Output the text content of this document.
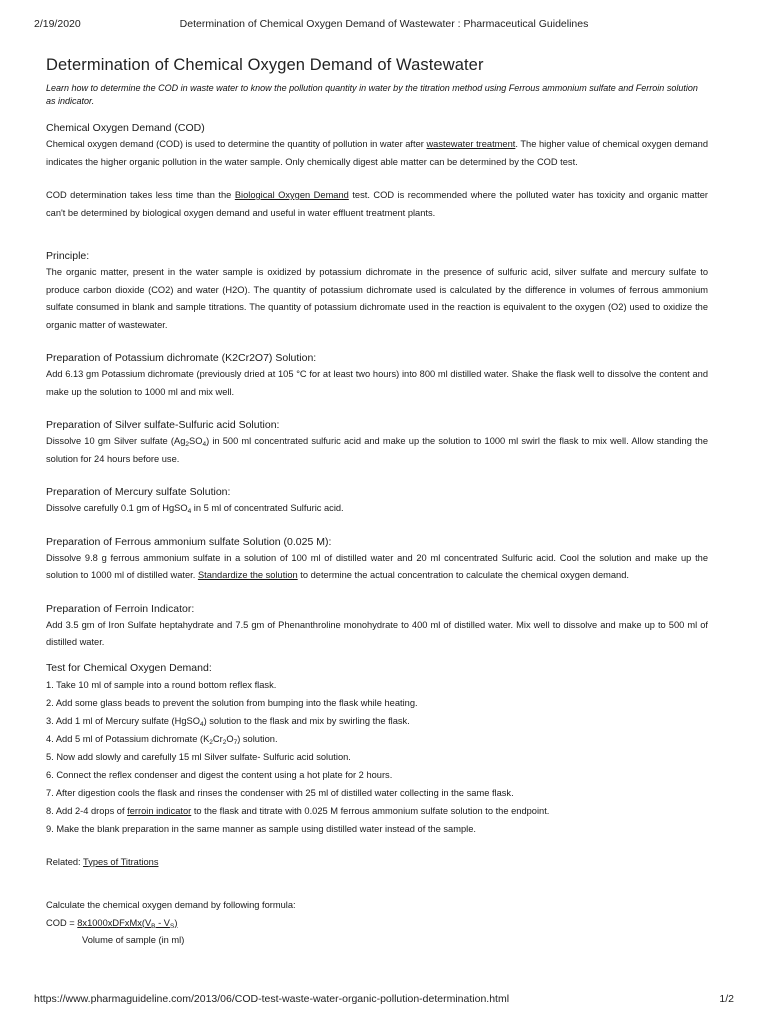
2/19/2020	Determination of Chemical Oxygen Demand of Wastewater : Pharmaceutical Guidelines
Determination of Chemical Oxygen Demand of Wastewater
Learn how to determine the COD in waste water to know the pollution quantity in water by the titration method using Ferrous ammonium sulfate and Ferroin solution as indicator.
Chemical Oxygen Demand (COD)

Chemical oxygen demand (COD) is used to determine the quantity of pollution in water after wastewater treatment. The higher value of chemical oxygen demand indicates the higher organic pollution in the water sample. Only chemically digest able matter can be determined by the COD test.

COD determination takes less time than the Biological Oxygen Demand test. COD is recommended where the polluted water has toxicity and organic matter can't be determined by biological oxygen demand and useful in water effluent treatment plants.

Principle:

The organic matter, present in the water sample is oxidized by potassium dichromate in the presence of sulfuric acid, silver sulfate and mercury sulfate to produce carbon dioxide (CO2) and water (H2O). The quantity of potassium dichromate used is calculated by the difference in volumes of ferrous ammonium sulfate consumed in blank and sample titrations. The quantity of potassium dichromate used in the reaction is equivalent to the oxygen (O2) used to oxidize the organic matter of wastewater.

Preparation of Potassium dichromate (K2Cr2O7) Solution:

Add 6.13 gm Potassium dichromate (previously dried at 105 °C for at least two hours) into 800 ml distilled water. Shake the flask well to dissolve the content and make up the solution to 1000 ml and mix well.

Preparation of Silver sulfate-Sulfuric acid Solution:

Dissolve 10 gm Silver sulfate $(Ag_2SO_4)$ in 500 ml concentrated sulfuric acid and make up the solution to 1000 ml swirl the flask to mix well. Allow standing the solution for 24 hours before use.

Preparation of Mercury sulfate Solution:

Dissolve carefully 0.1 gm of HgSO$_4$ in 5 ml of concentrated Sulfuric acid.

Preparation of Ferrous ammonium sulfate Solution (0.025 M):

Dissolve 9.8 g ferrous ammonium sulfate in a solution of 100 ml of distilled water and 20 ml concentrated Sulfuric acid. Cool the solution and make up the solution to 1000 ml of distilled water. Standardize the solution to determine the actual concentration to calculate the chemical oxygen demand.

Preparation of Ferroin Indicator:

Add 3.5 gm of Iron Sulfate heptahydrate and 7.5 gm of Phenanthroline monohydrate to 400 ml of distilled water. Mix well to dissolve and make up to 500 ml of distilled water.

Test for Chemical Oxygen Demand:
1. Take 10 ml of sample into a round bottom reflex flask.
2. Add some glass beads to prevent the solution from bumping into the flask while heating.
3. Add 1 ml of Mercury sulfate (HgSO$_4$) solution to the flask and mix by swirling the flask.
4. Add 5 ml of Potassium dichromate $(K_2Cr_2O_7)$ solution.
5. Now add slowly and carefully 15 ml Silver sulfate- Sulfuric acid solution.
6. Connect the reflex condenser and digest the content using a hot plate for 2 hours.
7. After digestion cools the flask and rinses the condenser with 25 ml of distilled water collecting in the same flask.
8. Add 2-4 drops of ferroin indicator to the flask and titrate with 0.025 M ferrous ammonium sulfate solution to the endpoint.
9. Make the blank preparation in the same manner as sample using distilled water instead of the sample.

Related: Types of Titrations

Calculate the chemical oxygen demand by following formula:

COD = $8x1000xDFxMx(V_B - V_S)$
Volume of sample (in ml)
https://www.pharmaguideline.com/2013/06/COD-test-waste-water-organic-pollution-determination.html	1/2
